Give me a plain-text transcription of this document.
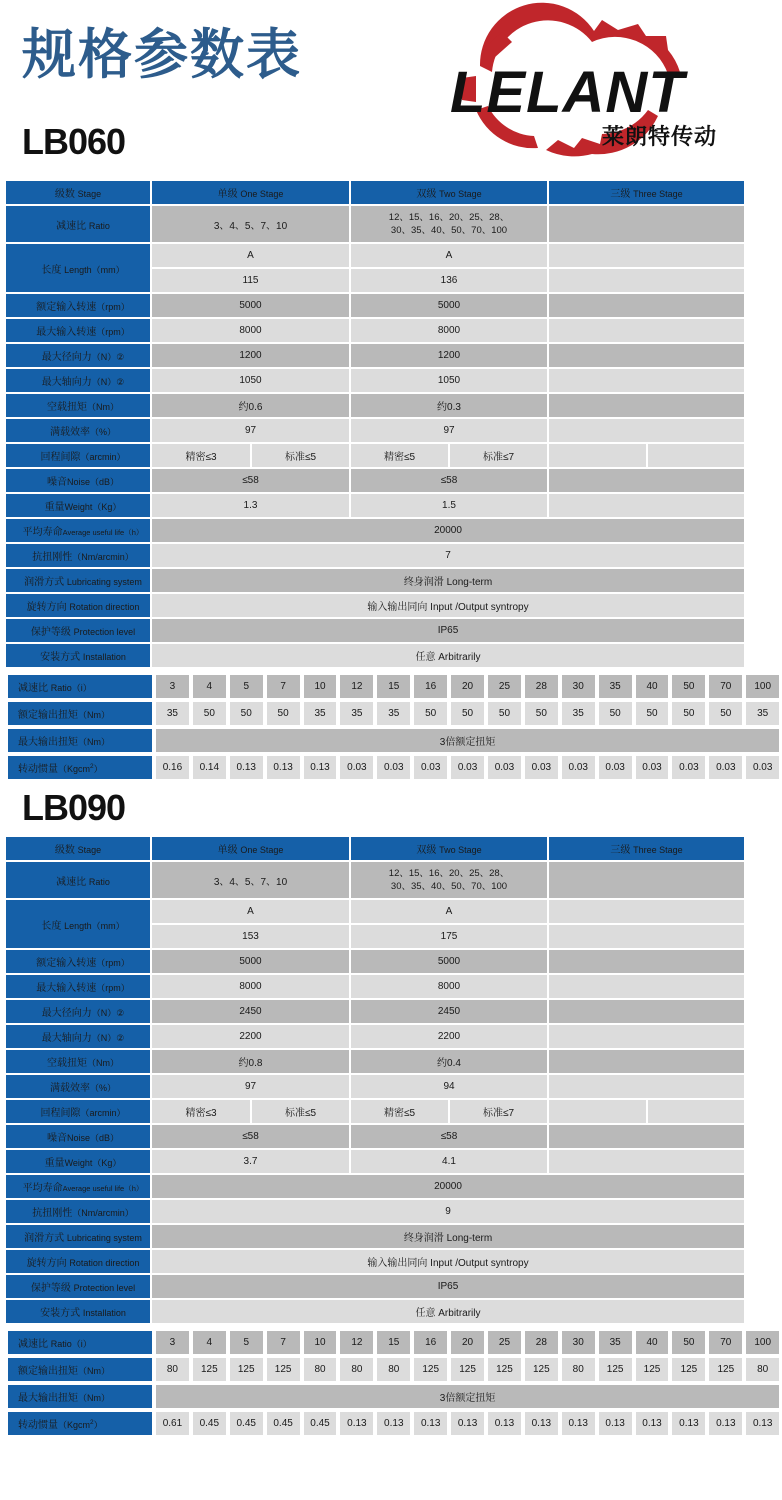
规格参数表
LELANT
莱朗特传动
LB060
级数 Stage	单级 One Stage		双级 Two Stage		三级 Three Stage	
减速比 Ratio	3、4、5、7、10		12、15、16、20、25、28、
30、35、40、50、70、100			

长度 Length（mm）	A		A			
	115		136			
额定输入转速（rpm）	5000		5000			
最大输入转速（rpm）	8000		8000			
最大径向力（N）②	1200		1200			
最大轴向力（N）②	1050		1050			
空载扭矩（Nm）	约0.6		约0.3			
满载效率（%）	97		97			
回程间隙（arcmin）	精密≤3	标准≤5	精密≤5	标准≤7		
噪音Noise（dB）	≤58		≤58			
重量Weight（Kg）	1.3		1.5			
平均寿命Average useful life（h）	20000					
抗扭刚性（Nm/arcmin）	7					
润滑方式 Lubricating system	终身润滑 Long-term					
旋转方向 Rotation direction	输入输出同向 Input /Output syntropy					
保护等级 Protection level	IP65					
安装方式 Installation	任意 Arbitrarily					
减速比 Ratio（i）	3	4	5	7	10	12	15	16	20	25	28	30	35	40	50	70	100
额定输出扭矩（Nm）	35	50	50	50	35	35	35	50	50	50	50	35	50	50	50	50	35
最大输出扭矩（Nm）	3倍额定扭矩																
转动惯量（Kgcm$^2$）	0.16	0.14	0.13	0.13	0.13	0.03	0.03	0.03	0.03	0.03	0.03	0.03	0.03	0.03	0.03	0.03	0.03
LB090
级数 Stage	单级 One Stage		双级 Two Stage		三级 Three Stage	
减速比 Ratio	3、4、5、7、10		12、15、16、20、25、28、
30、35、40、50、70、100			

长度 Length（mm）	A		A			
	153		175			
额定输入转速（rpm）	5000		5000			
最大输入转速（rpm）	8000		8000			
最大径向力（N）②	2450		2450			
最大轴向力（N）②	2200		2200			
空载扭矩（Nm）	约0.8		约0.4			
满载效率（%）	97		94			
回程间隙（arcmin）	精密≤3	标准≤5	精密≤5	标准≤7		
噪音Noise（dB）	≤58		≤58			
重量Weight（Kg）	3.7		4.1			
平均寿命Average useful life（h）	20000					
抗扭刚性（Nm/arcmin）	9					
润滑方式 Lubricating system	终身润滑 Long-term					
旋转方向 Rotation direction	输入输出同向 Input /Output syntropy					
保护等级 Protection level	IP65					
安装方式 Installation	任意 Arbitrarily					
减速比 Ratio（i）	3	4	5	7	10	12	15	16	20	25	28	30	35	40	50	70	100
额定输出扭矩（Nm）	80	125	125	125	80	80	80	125	125	125	125	80	125	125	125	125	80
最大输出扭矩（Nm）	3倍额定扭矩																
转动惯量（Kgcm$^2$）	0.61	0.45	0.45	0.45	0.45	0.13	0.13	0.13	0.13	0.13	0.13	0.13	0.13	0.13	0.13	0.13	0.13
